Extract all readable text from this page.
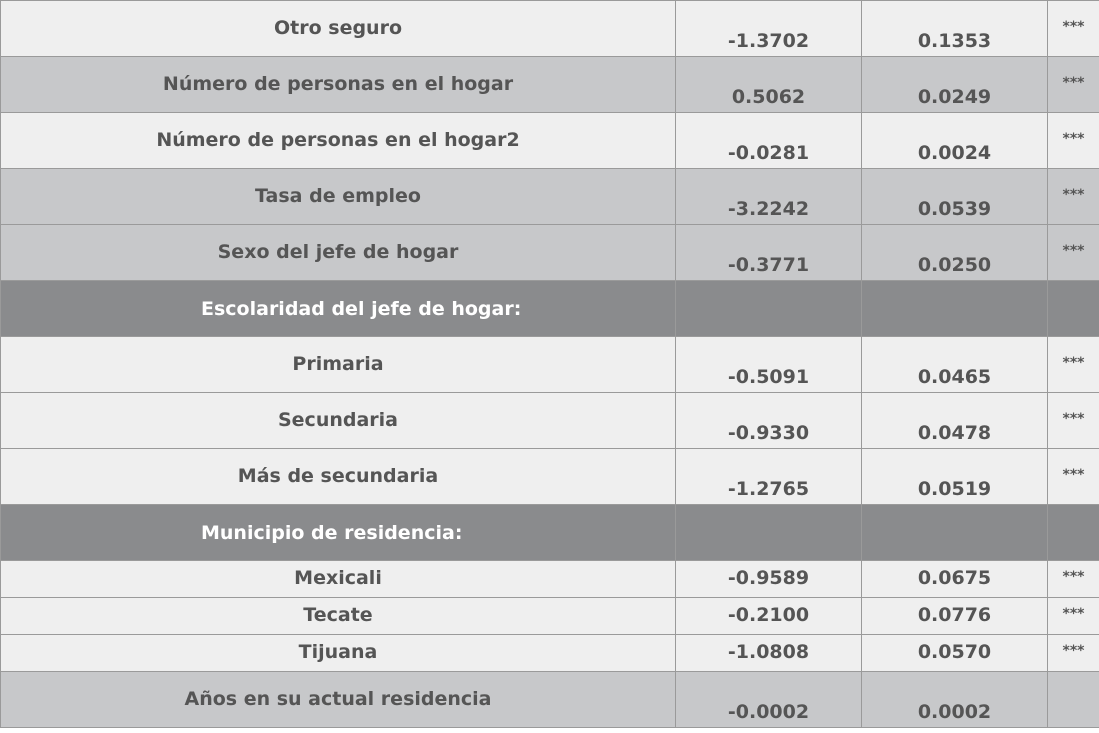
Otro seguro	-1.3702	0.1353	***

Número de personas en el hogar	0.5062	0.0249	***

Número de personas en el hogar2	-0.0281	0.0024	***

Tasa de empleo	-3.2242	0.0539	***

Sexo del jefe de hogar	-0.3771	0.0250	***

Escolaridad del jefe de hogar:			

Primaria	-0.5091	0.0465	***

Secundaria	-0.9330	0.0478	***

Más de secundaria	-1.2765	0.0519	***

Municipio de residencia:			

Mexicali	-0.9589	0.0675	***

Tecate	-0.2100	0.0776	***

Tijuana	-1.0808	0.0570	***

Años en su actual residencia	-0.0002	0.0002	
